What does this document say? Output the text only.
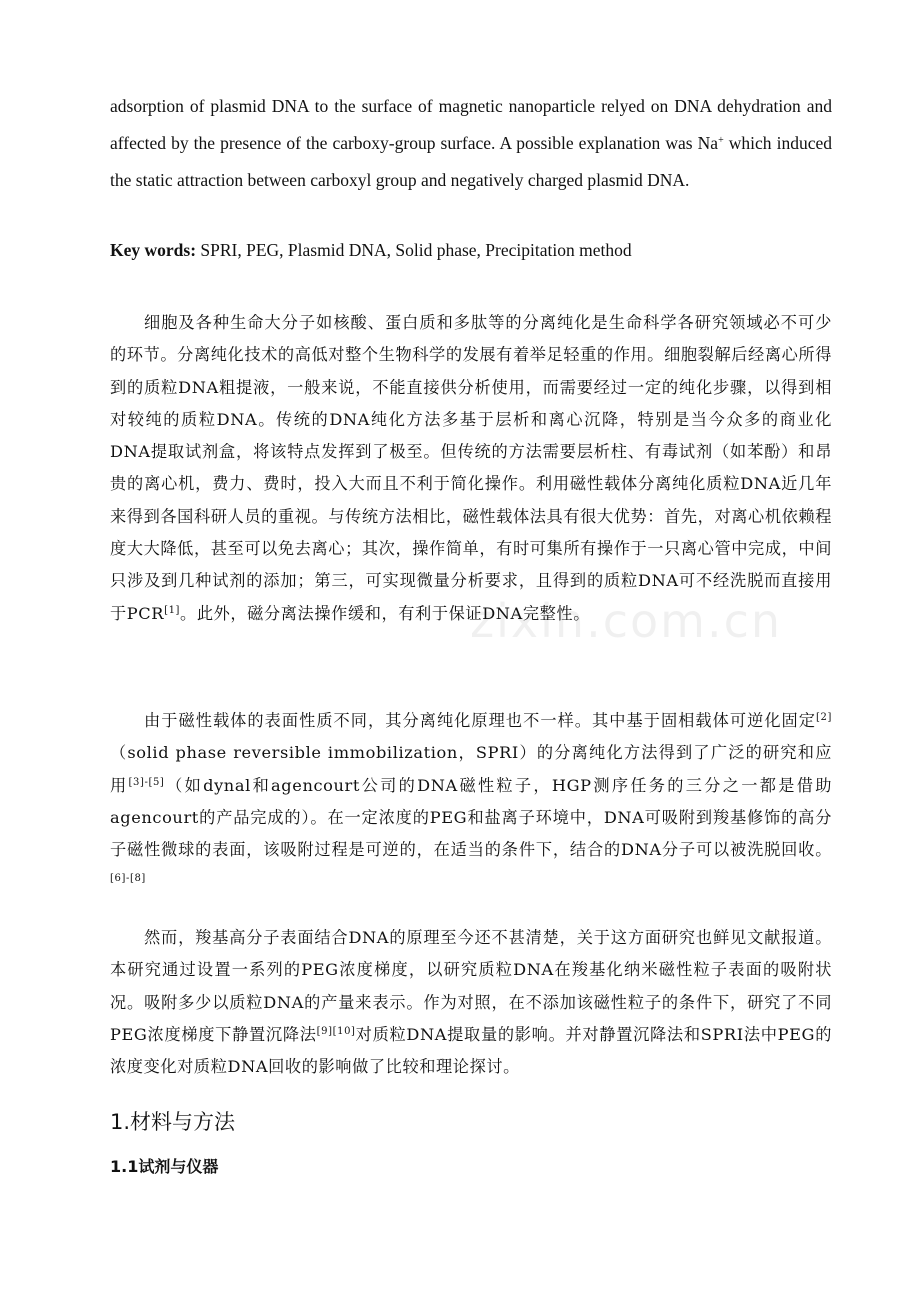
zixin.com.cn

adsorption of plasmid DNA to the surface of magnetic nanoparticle relyed on DNA dehydration and affected by the presence of the carboxy-group surface. A possible explanation was Na+ which induced the static attraction between carboxyl group and negatively charged plasmid DNA.

Key words: SPRI, PEG, Plasmid DNA, Solid phase, Precipitation method

细胞及各种生命大分子如核酸、蛋白质和多肽等的分离纯化是生命科学各研究领域必不可少的环节。分离纯化技术的高低对整个生物科学的发展有着举足轻重的作用。细胞裂解后经离心所得到的质粒DNA粗提液，一般来说，不能直接供分析使用，而需要经过一定的纯化步骤，以得到相对较纯的质粒DNA。传统的DNA纯化方法多基于层析和离心沉降，特别是当今众多的商业化DNA提取试剂盒，将该特点发挥到了极至。但传统的方法需要层析柱、有毒试剂（如苯酚）和昂贵的离心机，费力、费时，投入大而且不利于简化操作。利用磁性载体分离纯化质粒DNA近几年来得到各国科研人员的重视。与传统方法相比，磁性载体法具有很大优势：首先，对离心机依赖程度大大降低，甚至可以免去离心；其次，操作简单，有时可集所有操作于一只离心管中完成，中间只涉及到几种试剂的添加；第三，可实现微量分析要求，且得到的质粒DNA可不经洗脱而直接用于PCR[1]。此外，磁分离法操作缓和，有利于保证DNA完整性。

由于磁性载体的表面性质不同，其分离纯化原理也不一样。其中基于固相载体可逆化固定[2]（solid phase reversible immobilization，SPRI）的分离纯化方法得到了广泛的研究和应用[3]-[5]（如dynal和agencourt公司的DNA磁性粒子，HGP测序任务的三分之一都是借助agencourt的产品完成的）。在一定浓度的PEG和盐离子环境中，DNA可吸附到羧基修饰的高分子磁性微球的表面，该吸附过程是可逆的，在适当的条件下，结合的DNA分子可以被洗脱回收。[6]-[8]

然而，羧基高分子表面结合DNA的原理至今还不甚清楚，关于这方面研究也鲜见文献报道。本研究通过设置一系列的PEG浓度梯度，以研究质粒DNA在羧基化纳米磁性粒子表面的吸附状况。吸附多少以质粒DNA的产量来表示。作为对照，在不添加该磁性粒子的条件下，研究了不同PEG浓度梯度下静置沉降法[9][10]对质粒DNA提取量的影响。并对静置沉降法和SPRI法中PEG的浓度变化对质粒DNA回收的影响做了比较和理论探讨。

1.材料与方法
1.1试剂与仪器
